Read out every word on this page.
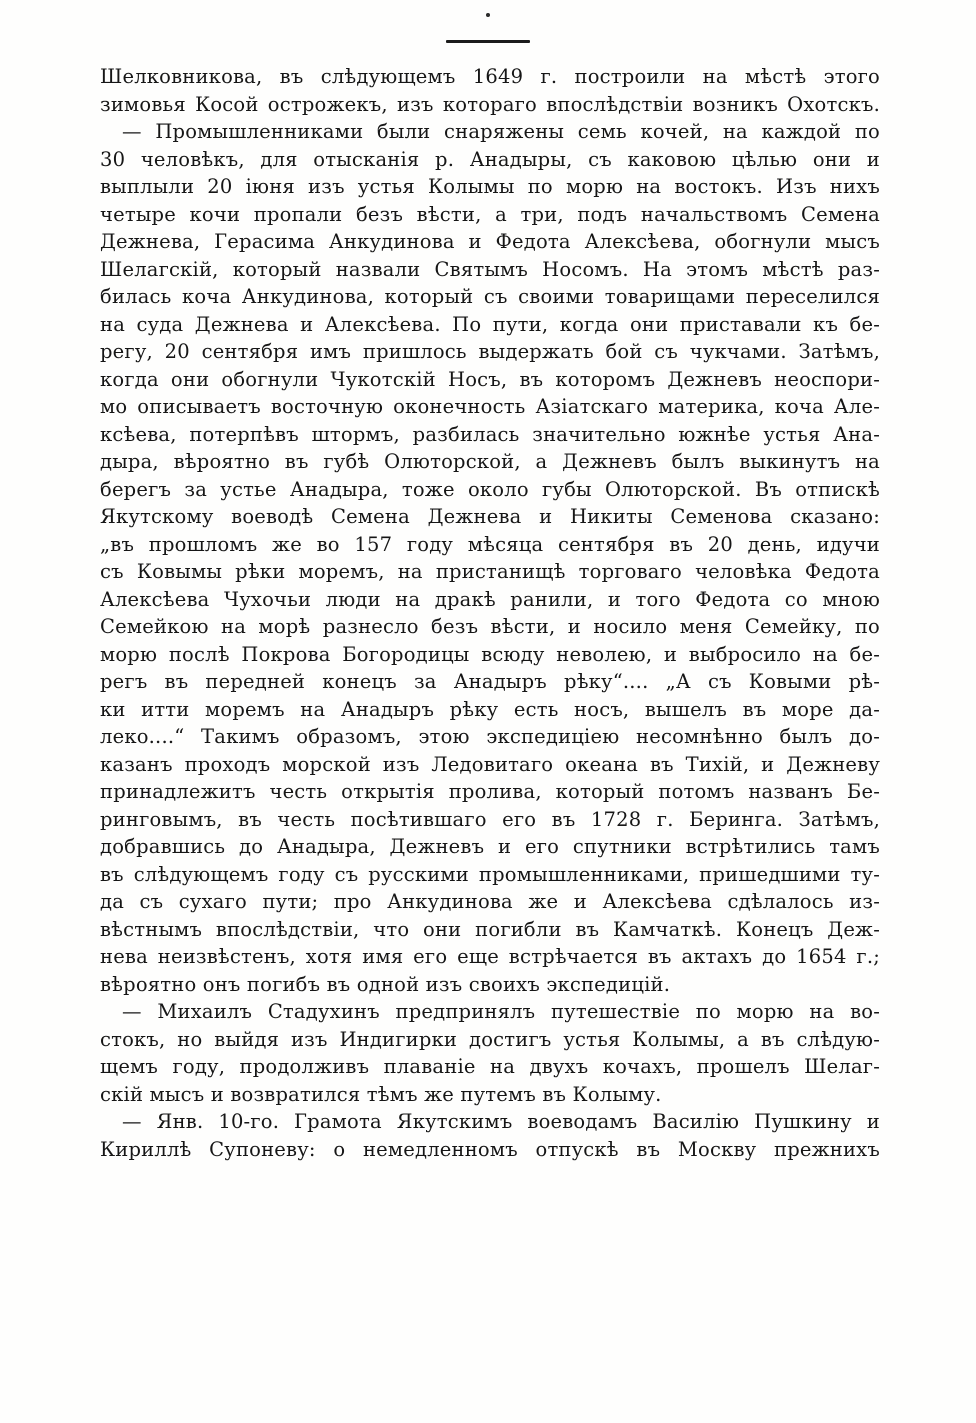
Шелковникова, въ слѣдующемъ 1649 г. построили на мѣстѣ этого
зимовья Косой острожекъ, изъ котораго впослѣдствіи возникъ Охотскъ.
— Промышленниками были снаряжены семь кочей, на каждой по
30 человѣкъ, для отысканія р. Анадыры, съ каковою цѣлью они и
выплыли 20 іюня изъ устья Колымы по морю на востокъ. Изъ нихъ
четыре кочи пропали безъ вѣсти, а три, подъ начальствомъ Семена
Дежнева, Герасима Анкудинова и Федота Алексѣева, обогнули мысъ
Шелагскій, который назвали Святымъ Носомъ. На этомъ мѣстѣ раз-
билась коча Анкудинова, который съ своими товарищами переселился
на суда Дежнева и Алексѣева. По пути, когда они приставали къ бе-
регу, 20 сентября имъ пришлось выдержать бой съ чукчами. Затѣмъ,
когда они обогнули Чукотскій Носъ, въ которомъ Дежневъ неоспори-
мо описываетъ восточную оконечность Азіатскаго материка, коча Але-
ксѣева, потерпѣвъ штормъ, разбилась значительно южнѣе устья Ана-
дыра, вѣроятно въ губѣ Олюторской, а Дежневъ былъ выкинутъ на
берегъ за устье Анадыра, тоже около губы Олюторской. Въ отпискѣ
Якутскому воеводѣ Семена Дежнева и Никиты Семенова сказано:
„въ прошломъ же во 157 году мѣсяца сентября въ 20 день, идучи
съ Ковымы рѣки моремъ, на пристанищѣ торговаго человѣка Федота
Алексѣева Чухочьи люди на дракѣ ранили, и того Федота со мною
Семейкою на морѣ разнесло безъ вѣсти, и носило меня Семейку, по
морю послѣ Покрова Богородицы всюду неволею, и выбросило на бе-
регъ въ передней конецъ за Анадыръ рѣку“.... „А съ Ковыми рѣ-
ки итти моремъ на Анадыръ рѣку есть носъ, вышелъ въ море да-
леко....“ Такимъ образомъ, этою экспедиціею несомнѣнно былъ до-
казанъ проходъ морской изъ Ледовитаго океана въ Тихій, и Дежневу
принадлежитъ честь открытія пролива, который потомъ названъ Бе-
ринговымъ, въ честь посѣтившаго его въ 1728 г. Беринга. Затѣмъ,
добравшись до Анадыра, Дежневъ и его спутники встрѣтились тамъ
въ слѣдующемъ году съ русскими промышленниками, пришедшими ту-
да съ сухаго пути; про Анкудинова же и Алексѣева сдѣлалось из-
вѣстнымъ впослѣдствіи, что они погибли въ Камчаткѣ. Конецъ Деж-
нева неизвѣстенъ, хотя имя его еще встрѣчается въ актахъ до 1654 г.;
вѣроятно онъ погибъ въ одной изъ своихъ экспедицій.
— Михаилъ Стадухинъ предпринялъ путешествіе по морю на во-
стокъ, но выйдя изъ Индигирки достигъ устья Колымы, а въ слѣдую-
щемъ году, продолживъ плаваніе на двухъ кочахъ, прошелъ Шелаг-
скій мысъ и возвратился тѣмъ же путемъ въ Колыму.
— Янв. 10-го. Грамота Якутскимъ воеводамъ Василію Пушкину и
Кириллѣ Супоневу: о немедленномъ отпускѣ въ Москву прежнихъ
